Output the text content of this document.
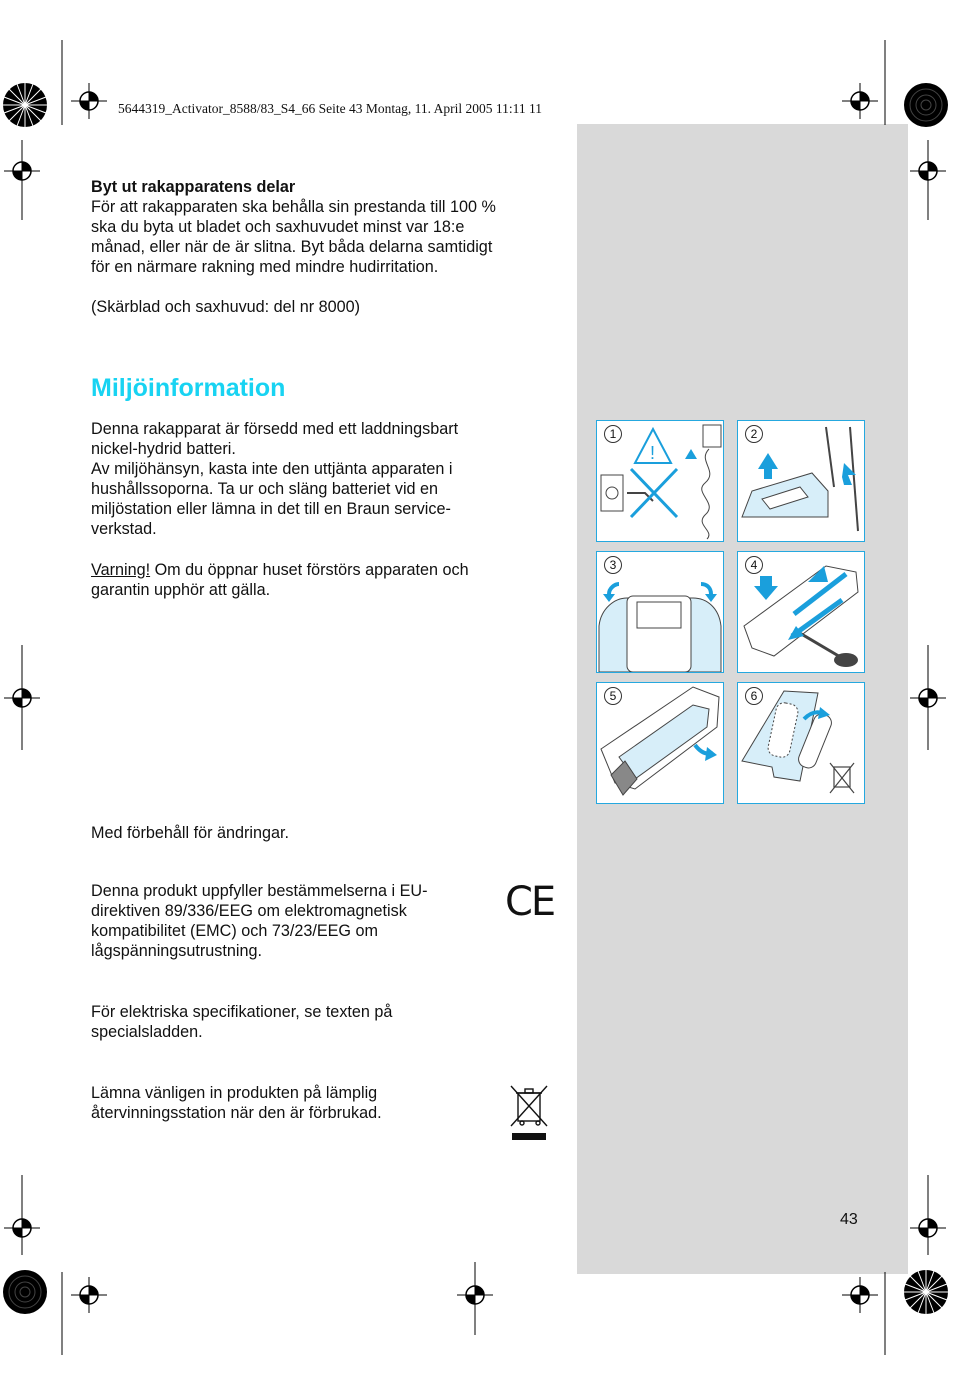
5644319_Activator_8588/83_S4_66 Seite 43 Montag, 11. April 2005 11:11 11
Byt ut rakapparatens delar
För att rakapparaten ska behålla sin prestanda till 100 %
ska du byta ut bladet och saxhuvudet minst var 18:e
månad, eller när de är slitna. Byt båda delarna samtidigt
för en närmare rakning med mindre hudirritation.
(Skärblad och saxhuvud: del nr 8000)
Miljöinformation
Denna rakapparat är försedd med ett laddningsbart
nickel-hydrid batteri.
Av miljöhänsyn, kasta inte den uttjänta apparaten i
hushållssoporna. Ta ur och släng batteriet vid en
miljöstation eller lämna in det till en Braun service-
verkstad.
Varning! Om du öppnar huset förstörs apparaten och
garantin upphör att gälla.
Med förbehåll för ändringar.
Denna produkt uppfyller bestämmelserna i EU-
direktiven 89/336/EEG om elektromagnetisk
kompatibilitet (EMC) och 73/23/EEG om
lågspänningsutrustning.
CE
För elektriska specifikationer, se texten på
specialsladden.
Lämna vänligen in produkten på lämplig
återvinningsstation när den är förbrukad.
!
1	2
3	4
5	6
43
